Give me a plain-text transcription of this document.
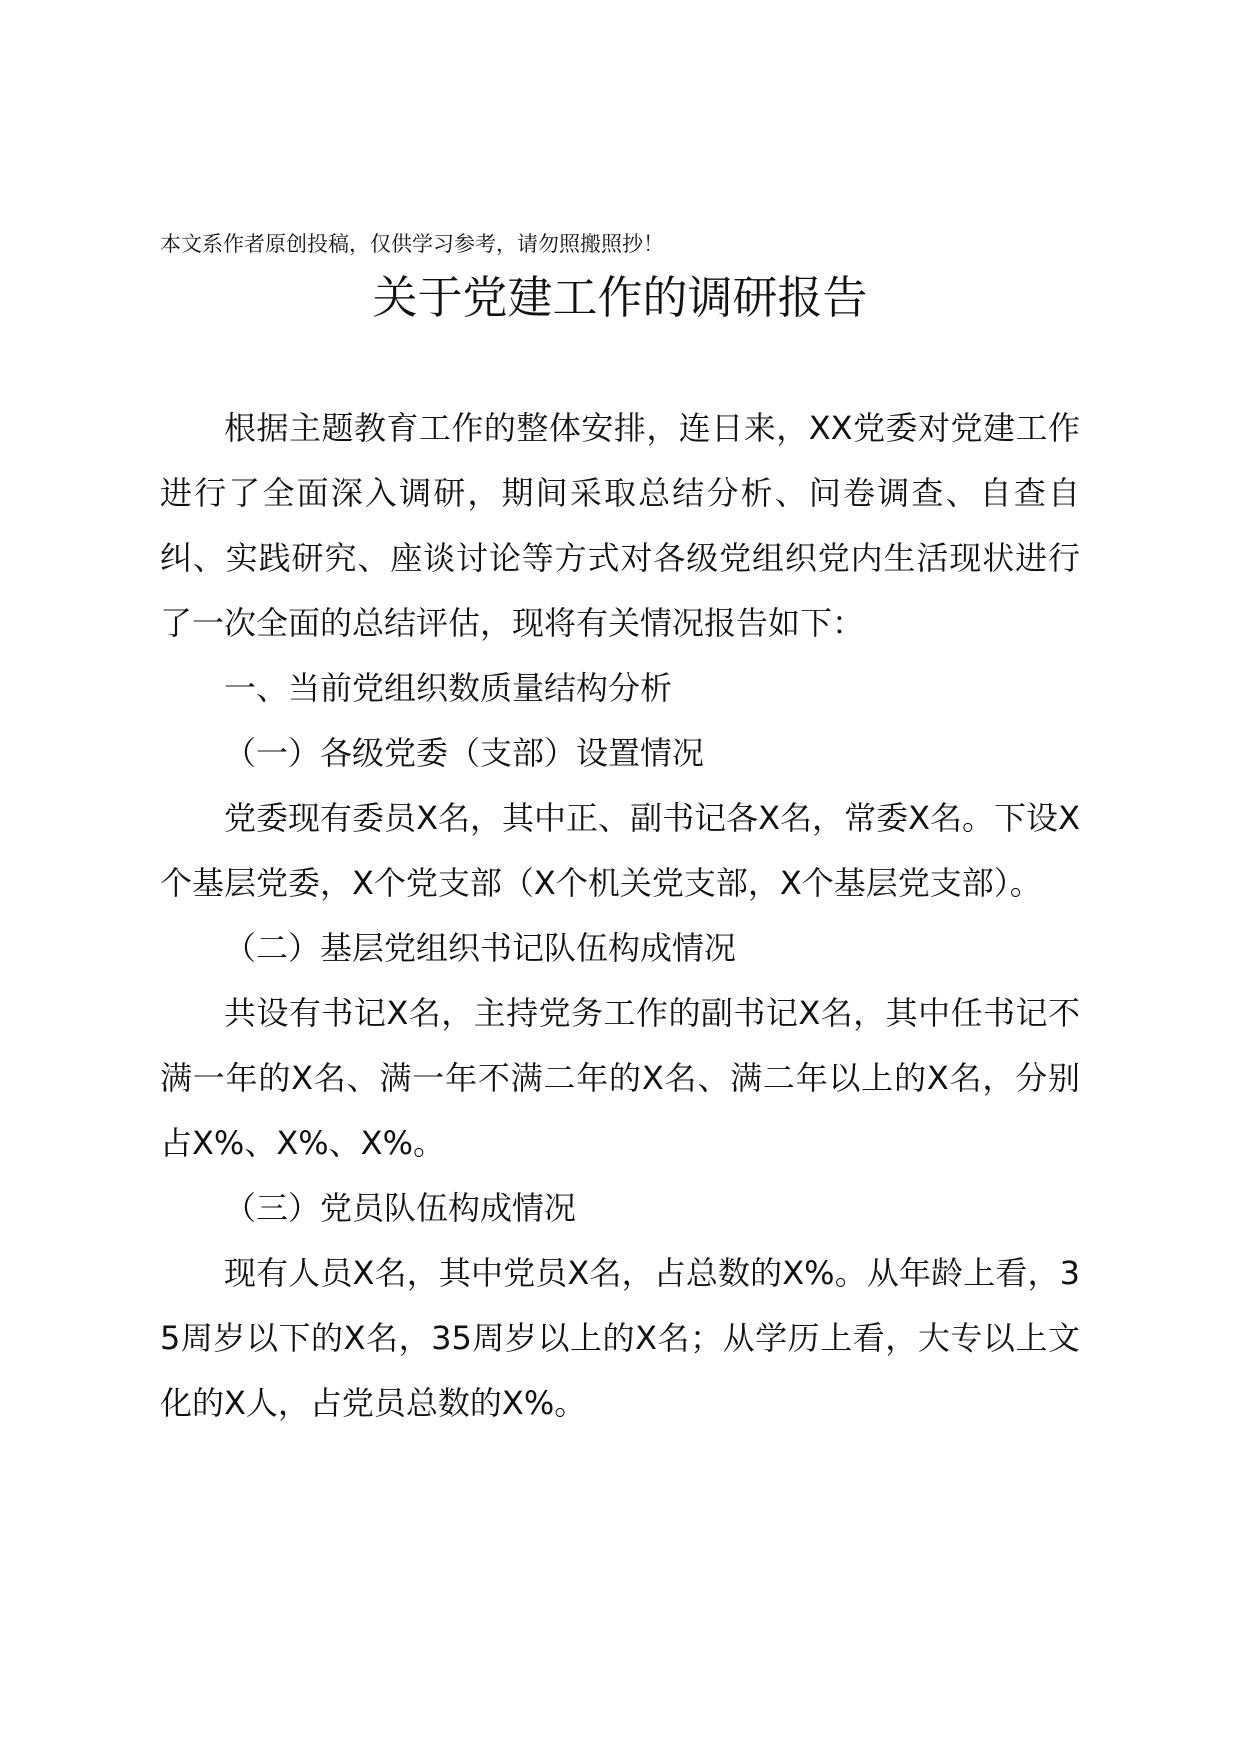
本文系作者原创投稿，仅供学习参考，请勿照搬照抄！
关于党建工作的调研报告

根据主题教育工作的整体安排，连日来，XX党委对党建工作进行了全面深入调研，期间采取总结分析、问卷调查、自查自纠、实践研究、座谈讨论等方式对各级党组织党内生活现状进行了一次全面的总结评估，现将有关情况报告如下：

一、当前党组织数质量结构分析

（一）各级党委（支部）设置情况

党委现有委员X名，其中正、副书记各X名，常委X名。下设X个基层党委，X个党支部（X个机关党支部，X个基层党支部）。

（二）基层党组织书记队伍构成情况

共设有书记X名，主持党务工作的副书记X名，其中任书记不满一年的X名、满一年不满二年的X名、满二年以上的X名，分别占X%、X%、X%。

（三）党员队伍构成情况

现有人员X名，其中党员X名，占总数的X%。从年龄上看，35周岁以下的X名，35周岁以上的X名；从学历上看，大专以上文化的X人，占党员总数的X%。
